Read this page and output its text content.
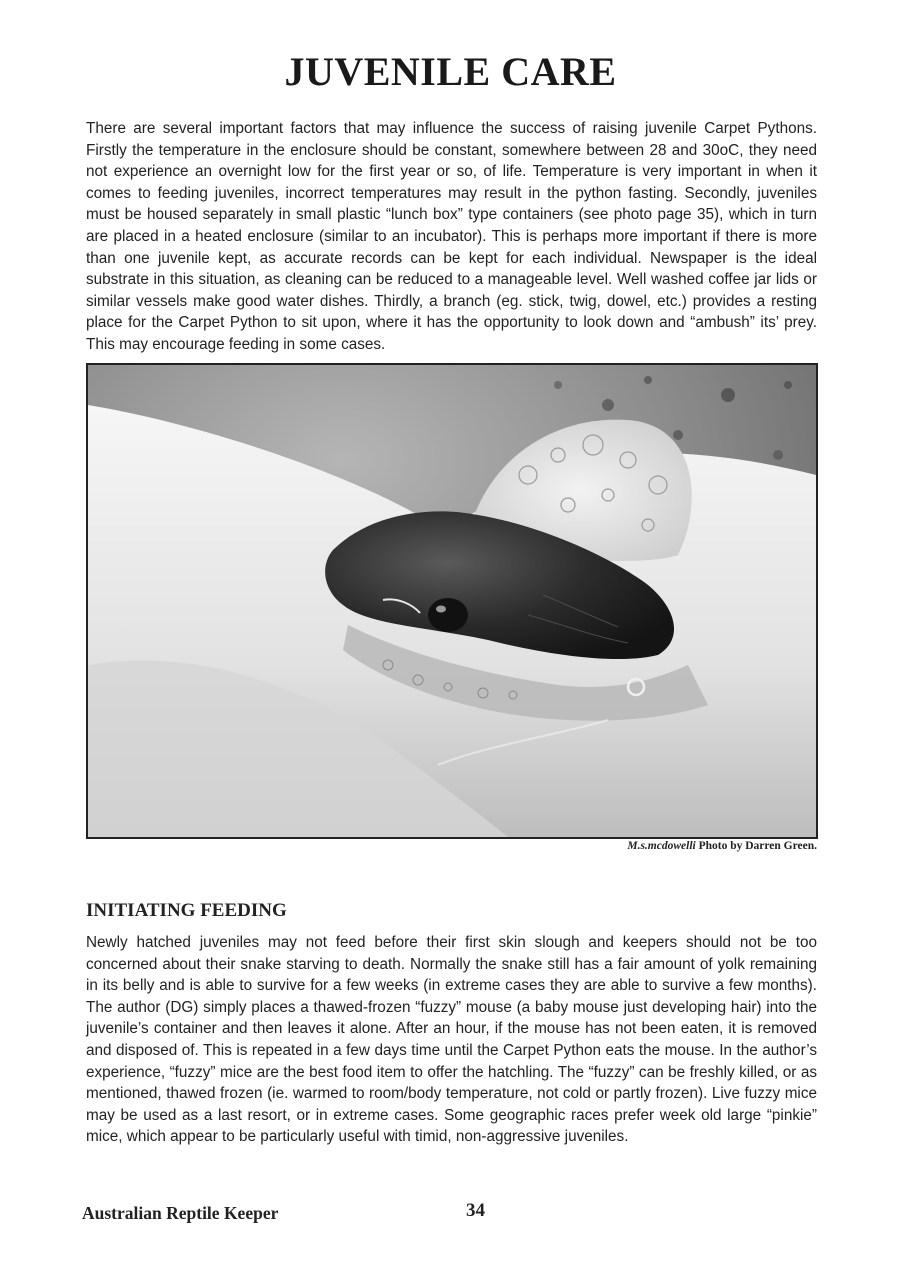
JUVENILE CARE

There are several important factors that may influence the success of raising juvenile Carpet Pythons. Firstly the temperature in the enclosure should be constant, somewhere between 28 and 30oC, they need not experience an overnight low for the first year or so, of life. Temperature is very important in when it comes to feeding juveniles, incorrect temperatures may result in the python fasting. Secondly, juveniles must be housed separately in small plastic “lunch box” type containers (see photo page 35), which in turn are placed in a heated enclosure (similar to an incubator). This is perhaps more important if there is more than one juvenile kept, as accurate records can be kept for each individual. Newspaper is the ideal substrate in this situation, as cleaning can be reduced to a manageable level. Well washed coffee jar lids or similar vessels make good water dishes. Thirdly, a branch (eg. stick, twig, dowel, etc.) provides a resting place for the Carpet Python to sit upon, where it has the opportunity to look down and “ambush” its’ prey. This may encourage feeding in some cases.

M.s.mcdowelli Photo by Darren Green.

INITIATING FEEDING

Newly hatched juveniles may not feed before their first skin slough and keepers should not be too concerned about their snake starving to death. Normally the snake still has a fair amount of yolk remaining in its belly and is able to survive for a few weeks (in extreme cases they are able to survive a few months). The author (DG) simply places a thawed-frozen “fuzzy” mouse (a baby mouse just developing hair) into the juvenile’s container and then leaves it alone. After an hour, if the mouse has not been eaten, it is removed and disposed of. This is repeated in a few days time until the Carpet Python eats the mouse. In the author’s experience, “fuzzy” mice are the best food item to offer the hatchling. The “fuzzy” can be freshly killed, or as mentioned, thawed frozen (ie. warmed to room/body temperature, not cold or partly frozen). Live fuzzy mice may be used as a last resort, or in extreme cases. Some geographic races prefer week old large “pinkie” mice, which appear to be particularly useful with timid, non-aggressive juveniles.

Australian Reptile Keeper	34
